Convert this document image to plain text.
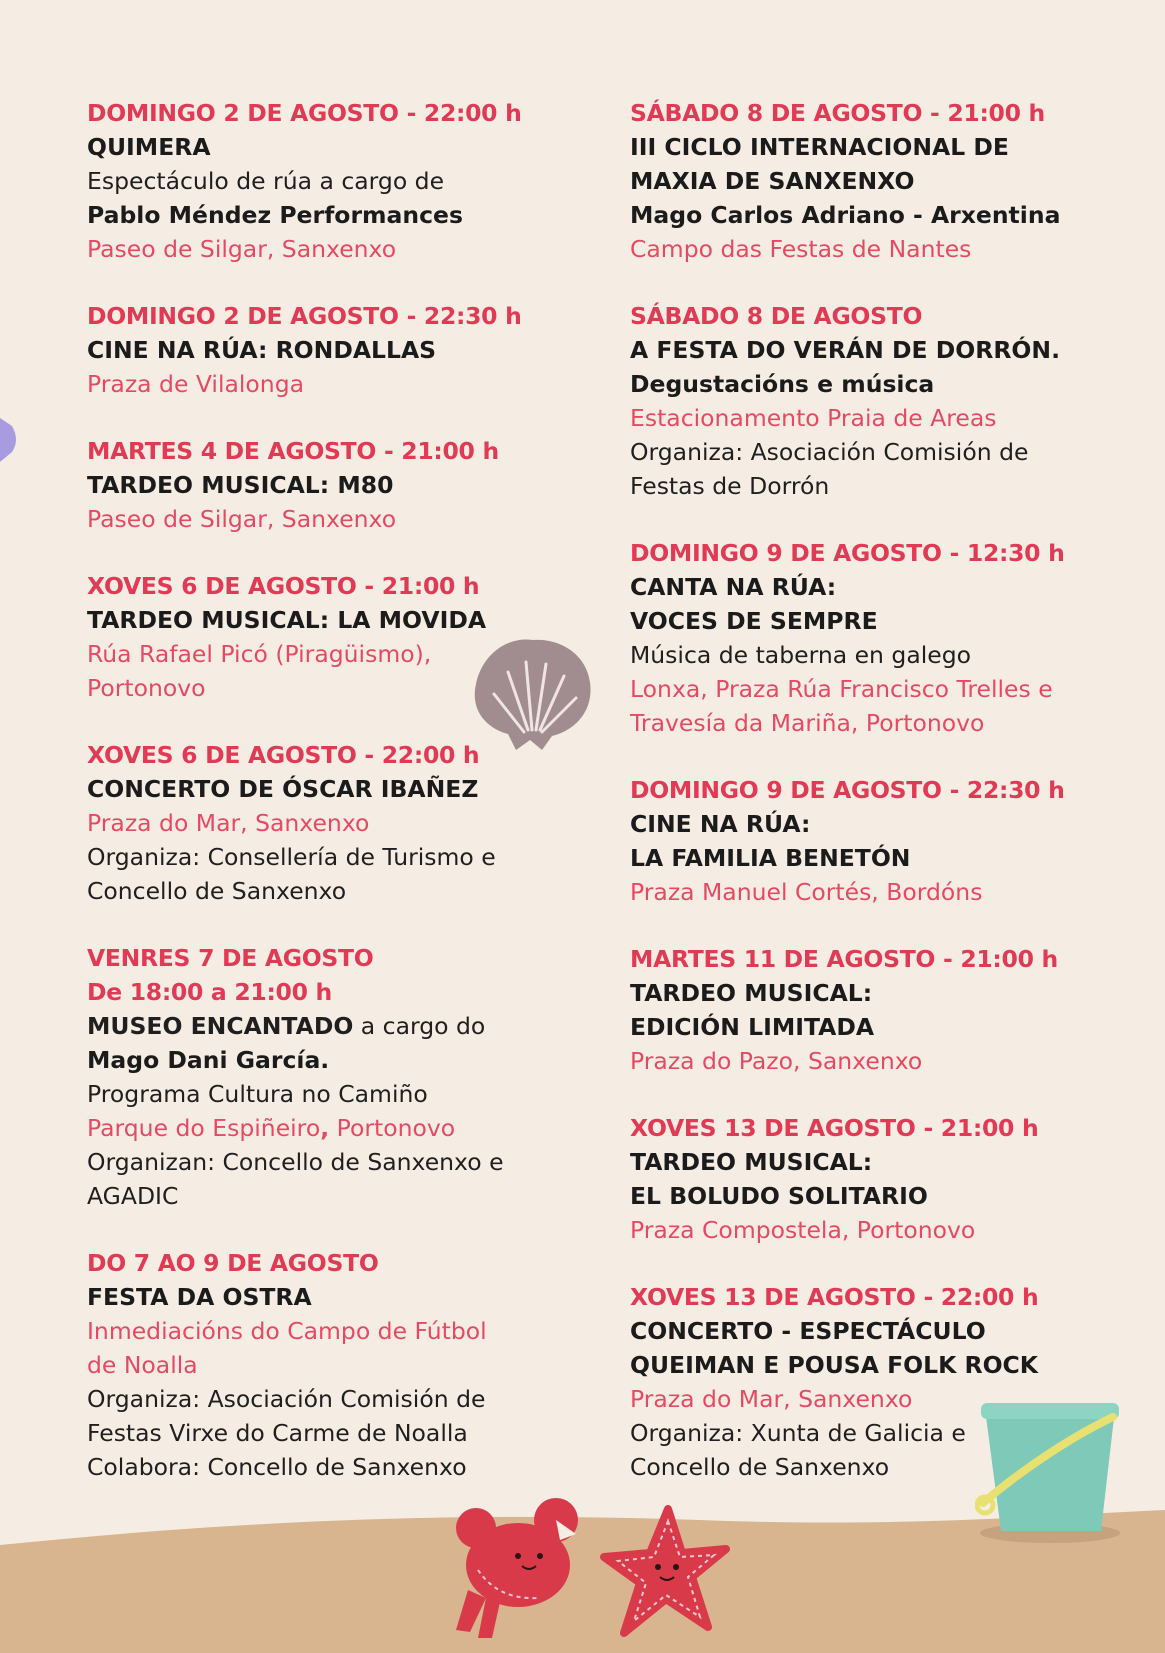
DOMINGO 2 DE AGOSTO - 22:00 h
QUIMERA
Espectáculo de rúa a cargo de
Pablo Méndez Performances
Paseo de Silgar, Sanxenxo
DOMINGO 2 DE AGOSTO - 22:30 h
CINE NA RÚA: RONDALLAS
Praza de Vilalonga
MARTES 4 DE AGOSTO - 21:00 h
TARDEO MUSICAL: M80
Paseo de Silgar, Sanxenxo
XOVES 6 DE AGOSTO - 21:00 h
TARDEO MUSICAL: LA MOVIDA
Rúa Rafael Picó (Piragüismo),
Portonovo
XOVES 6 DE AGOSTO - 22:00 h
CONCERTO DE ÓSCAR IBAÑEZ
Praza do Mar, Sanxenxo
Organiza: Consellería de Turismo e
Concello de Sanxenxo
VENRES 7 DE AGOSTO
De 18:00 a 21:00 h
MUSEO ENCANTADO a cargo do
Mago Dani García.
Programa Cultura no Camiño
Parque do Espiñeiro, Portonovo
Organizan: Concello de Sanxenxo e
AGADIC
DO 7 AO 9 DE AGOSTO
FESTA DA OSTRA
Inmediacións do Campo de Fútbol
de Noalla
Organiza: Asociación Comisión de
Festas Virxe do Carme de Noalla
Colabora: Concello de Sanxenxo
SÁBADO 8 DE AGOSTO - 21:00 h
III CICLO INTERNACIONAL DE
MAXIA DE SANXENXO
Mago Carlos Adriano - Arxentina
Campo das Festas de Nantes
SÁBADO 8 DE AGOSTO
A FESTA DO VERÁN DE DORRÓN.
Degustacións e música
Estacionamento Praia de Areas
Organiza: Asociación Comisión de
Festas de Dorrón
DOMINGO 9 DE AGOSTO - 12:30 h
CANTA NA RÚA:
VOCES DE SEMPRE
Música de taberna en galego
Lonxa, Praza Rúa Francisco Trelles e
Travesía da Mariña, Portonovo
DOMINGO 9 DE AGOSTO - 22:30 h
CINE NA RÚA:
LA FAMILIA BENETÓN
Praza Manuel Cortés, Bordóns
MARTES 11 DE AGOSTO - 21:00 h
TARDEO MUSICAL:
EDICIÓN LIMITADA
Praza do Pazo, Sanxenxo
XOVES 13 DE AGOSTO - 21:00 h
TARDEO MUSICAL:
EL BOLUDO SOLITARIO
Praza Compostela, Portonovo
XOVES 13 DE AGOSTO - 22:00 h
CONCERTO - ESPECTÁCULO
QUEIMAN E POUSA FOLK ROCK
Praza do Mar, Sanxenxo
Organiza: Xunta de Galicia e
Concello de Sanxenxo
